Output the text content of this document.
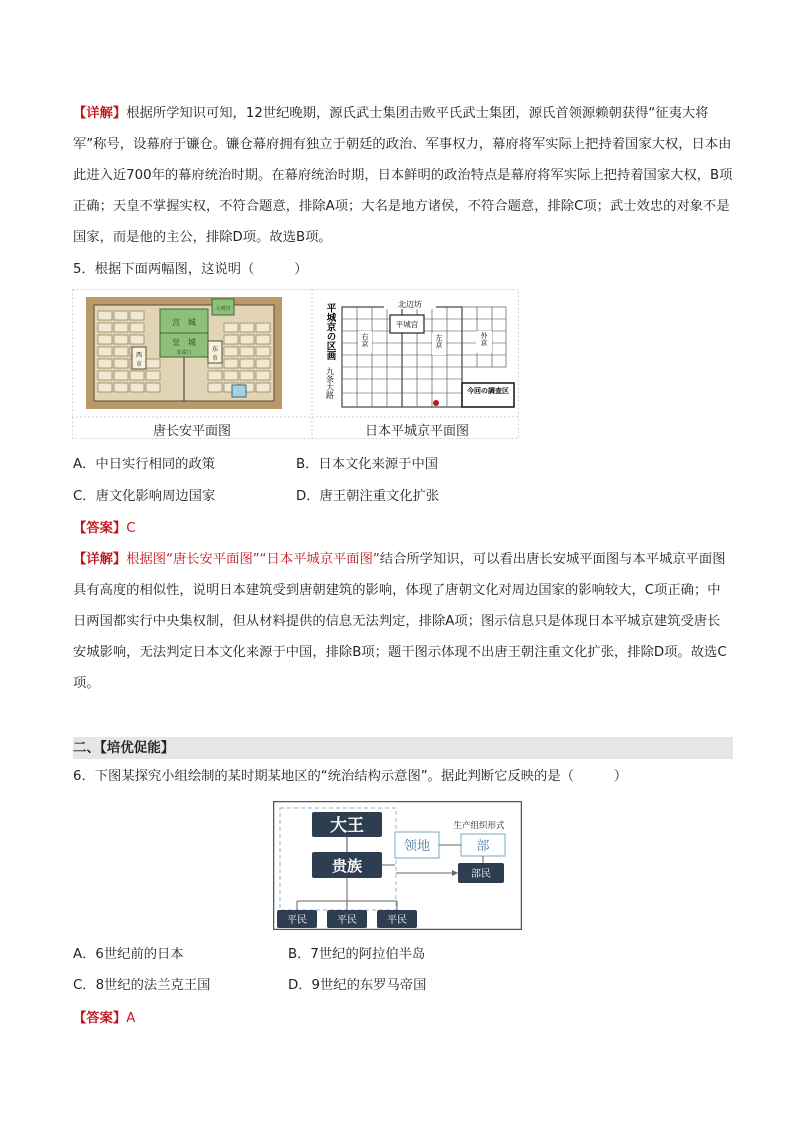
【详解】根据所学知识可知，12世纪晚期，源氏武士集团击败平氏武士集团，源氏首领源赖朝获得“征夷大将军”称号，设幕府于镰仓。镰仓幕府拥有独立于朝廷的政治、军事权力，幕府将军实际上把持着国家大权，日本由此进入近700年的幕府统治时期。在幕府统治时期，日本鲜明的政治特点是幕府将军实际上把持着国家大权，B项正确；天皇不掌握实权，不符合题意，排除A项；大名是地方诸侯，不符合题意，排除C项；武士效忠的对象不是国家，而是他的主公，排除D项。故选B项。
5．根据下面两幅图，这说明（　　　）
宫　城
皇　城
朱雀门
大明宫
西
市
东
市	平城京の区画
九条大路
北辺坊
平城宫
右京	左京	外京
今回の調査区
唐长安平面图	日本平城京平面图
A．中日实行相同的政策	B．日本文化来源于中国
C．唐文化影响周边国家	D．唐王朝注重文化扩张
【答案】C
【详解】根据图“唐长安平面图”“日本平城京平面图”结合所学知识，可以看出唐长安城平面图与本平城京平面图具有高度的相似性，说明日本建筑受到唐朝建筑的影响，体现了唐朝文化对周边国家的影响较大，C项正确；中日两国都实行中央集权制，但从材料提供的信息无法判定，排除A项；图示信息只是体现日本平城京建筑受唐长安城影响，无法判定日本文化来源于中国，排除B项；题干图示体现不出唐王朝注重文化扩张，排除D项。故选C项。
二、【培优促能】
6．下图某探究小组绘制的某时期某地区的“统治结构示意图”。据此判断它反映的是（　　　）
大王
贵族
领地
生产组织形式
部
部民
平民	平民	平民
A．6世纪前的日本	B．7世纪的阿拉伯半岛
C．8世纪的法兰克王国	D．9世纪的东罗马帝国
【答案】A
